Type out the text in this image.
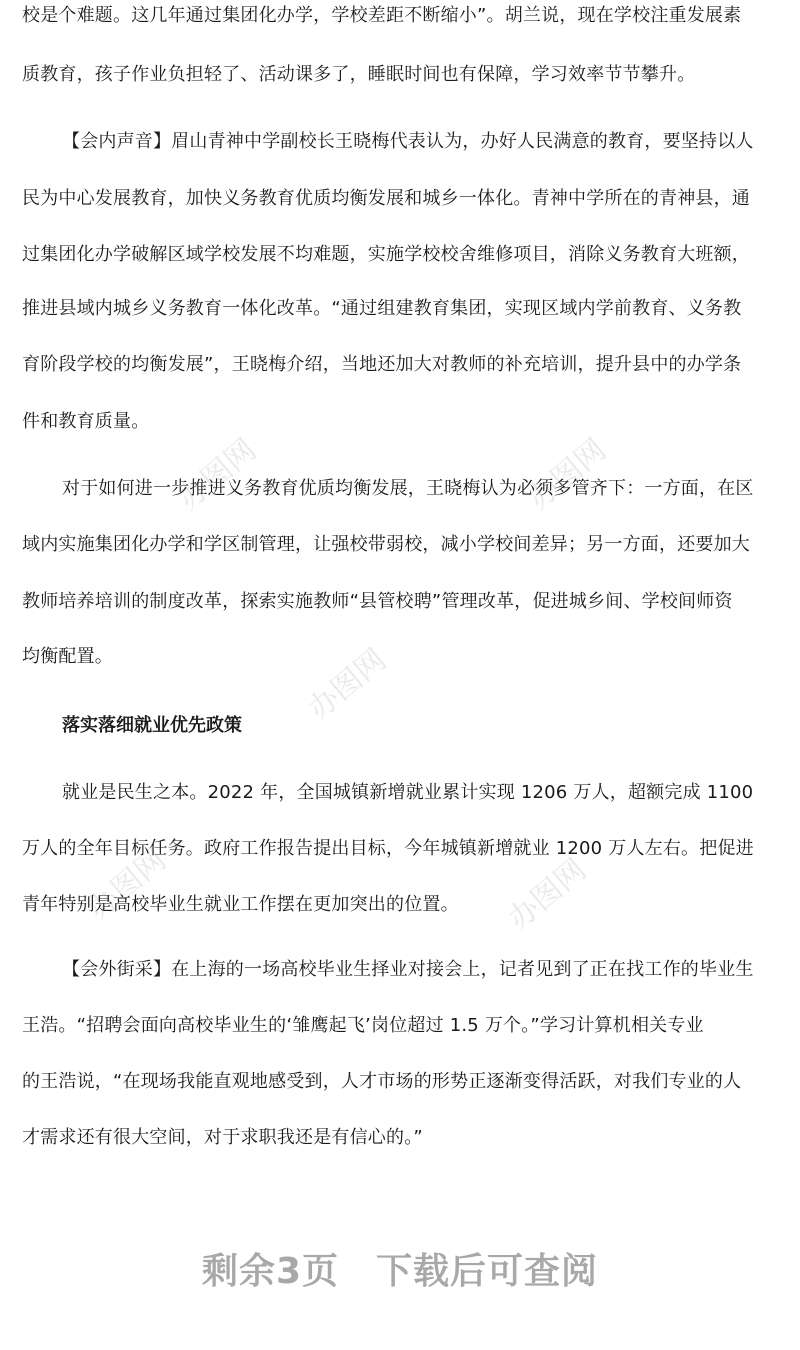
办图网	办图网
办图网
办图网	办图网
校是个难题。这几年通过集团化办学，学校差距不断缩小”。胡兰说，现在学校注重发展素
质教育，孩子作业负担轻了、活动课多了，睡眠时间也有保障，学习效率节节攀升。
【会内声音】眉山青神中学副校长王晓梅代表认为，办好人民满意的教育，要坚持以人
民为中心发展教育，加快义务教育优质均衡发展和城乡一体化。青神中学所在的青神县，通
过集团化办学破解区域学校发展不均难题，实施学校校舍维修项目，消除义务教育大班额，
推进县域内城乡义务教育一体化改革。“通过组建教育集团，实现区域内学前教育、义务教
育阶段学校的均衡发展”，王晓梅介绍，当地还加大对教师的补充培训，提升县中的办学条
件和教育质量。
对于如何进一步推进义务教育优质均衡发展，王晓梅认为必须多管齐下：一方面，在区
域内实施集团化办学和学区制管理，让强校带弱校，减小学校间差异；另一方面，还要加大
教师培养培训的制度改革，探索实施教师“县管校聘”管理改革，促进城乡间、学校间师资
均衡配置。
落实落细就业优先政策
就业是民生之本。2022 年，全国城镇新增就业累计实现 1206 万人，超额完成 1100
万人的全年目标任务。政府工作报告提出目标，今年城镇新增就业 1200 万人左右。把促进
青年特别是高校毕业生就业工作摆在更加突出的位置。
【会外街采】在上海的一场高校毕业生择业对接会上，记者见到了正在找工作的毕业生
王浩。“招聘会面向高校毕业生的‘雏鹰起飞’岗位超过 1.5 万个。”学习计算机相关专业
的王浩说，“在现场我能直观地感受到，人才市场的形势正逐渐变得活跃，对我们专业的人
才需求还有很大空间，对于求职我还是有信心的。”
剩余3页　下载后可查阅
